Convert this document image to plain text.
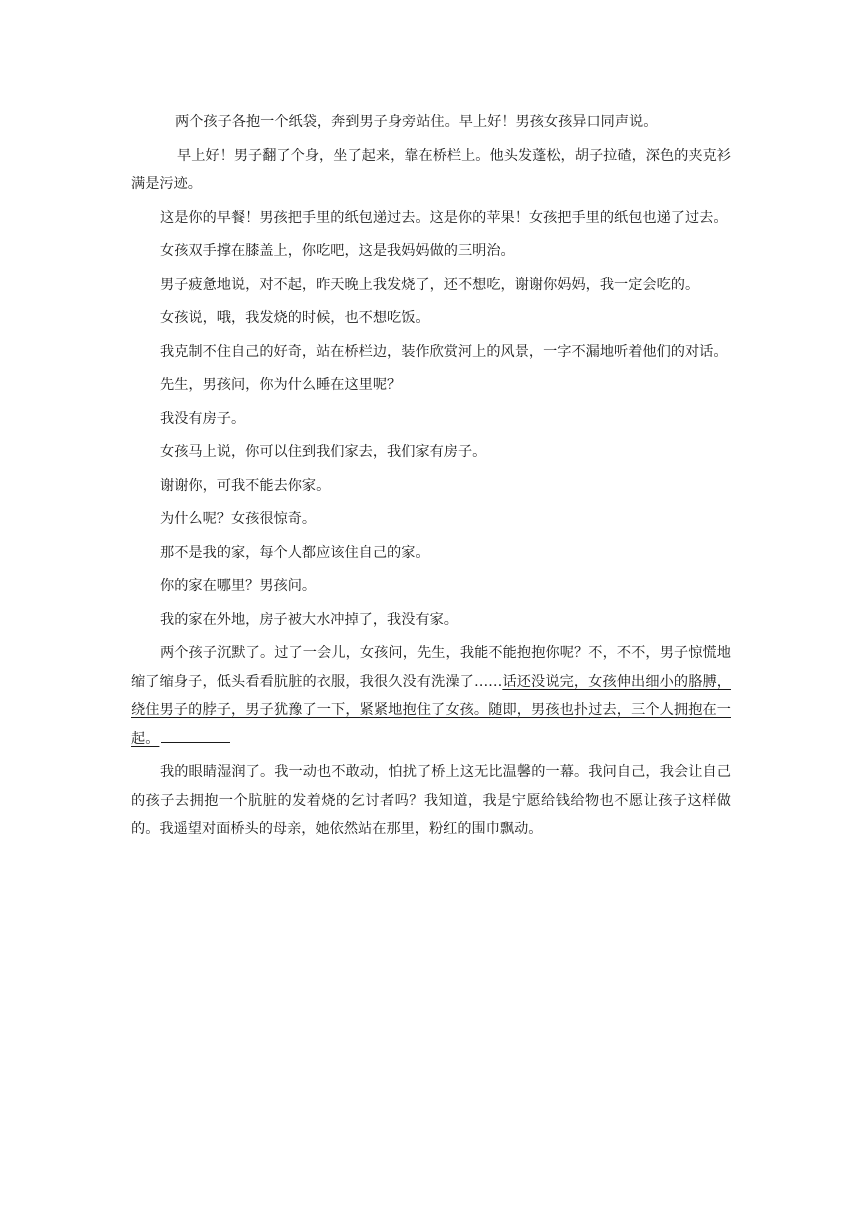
两个孩子各抱一个纸袋，奔到男子身旁站住。早上好！男孩女孩异口同声说。

早上好！男子翻了个身，坐了起来，靠在桥栏上。他头发蓬松，胡子拉碴，深色的夹克衫满是污迹。

这是你的早餐！男孩把手里的纸包递过去。这是你的苹果！女孩把手里的纸包也递了过去。

女孩双手撑在膝盖上，你吃吧，这是我妈妈做的三明治。

男子疲惫地说，对不起，昨天晚上我发烧了，还不想吃，谢谢你妈妈，我一定会吃的。

女孩说，哦，我发烧的时候，也不想吃饭。

我克制不住自己的好奇，站在桥栏边，装作欣赏河上的风景，一字不漏地听着他们的对话。

先生，男孩问，你为什么睡在这里呢？

我没有房子。

女孩马上说，你可以住到我们家去，我们家有房子。

谢谢你，可我不能去你家。

为什么呢？女孩很惊奇。

那不是我的家，每个人都应该住自己的家。

你的家在哪里？男孩问。

我的家在外地，房子被大水冲掉了，我没有家。

两个孩子沉默了。过了一会儿，女孩问，先生，我能不能抱抱你呢？不，不不，男子惊慌地缩了缩身子，低头看看肮脏的衣服，我很久没有洗澡了……话还没说完，女孩伸出细小的胳膊，绕住男子的脖子，男子犹豫了一下，紧紧地抱住了女孩。随即，男孩也扑过去，三个人拥抱在一起。

我的眼睛湿润了。我一动也不敢动，怕扰了桥上这无比温馨的一幕。我问自己，我会让自己的孩子去拥抱一个肮脏的发着烧的乞讨者吗？我知道，我是宁愿给钱给物也不愿让孩子这样做的。我遥望对面桥头的母亲，她依然站在那里，粉红的围巾飘动。
